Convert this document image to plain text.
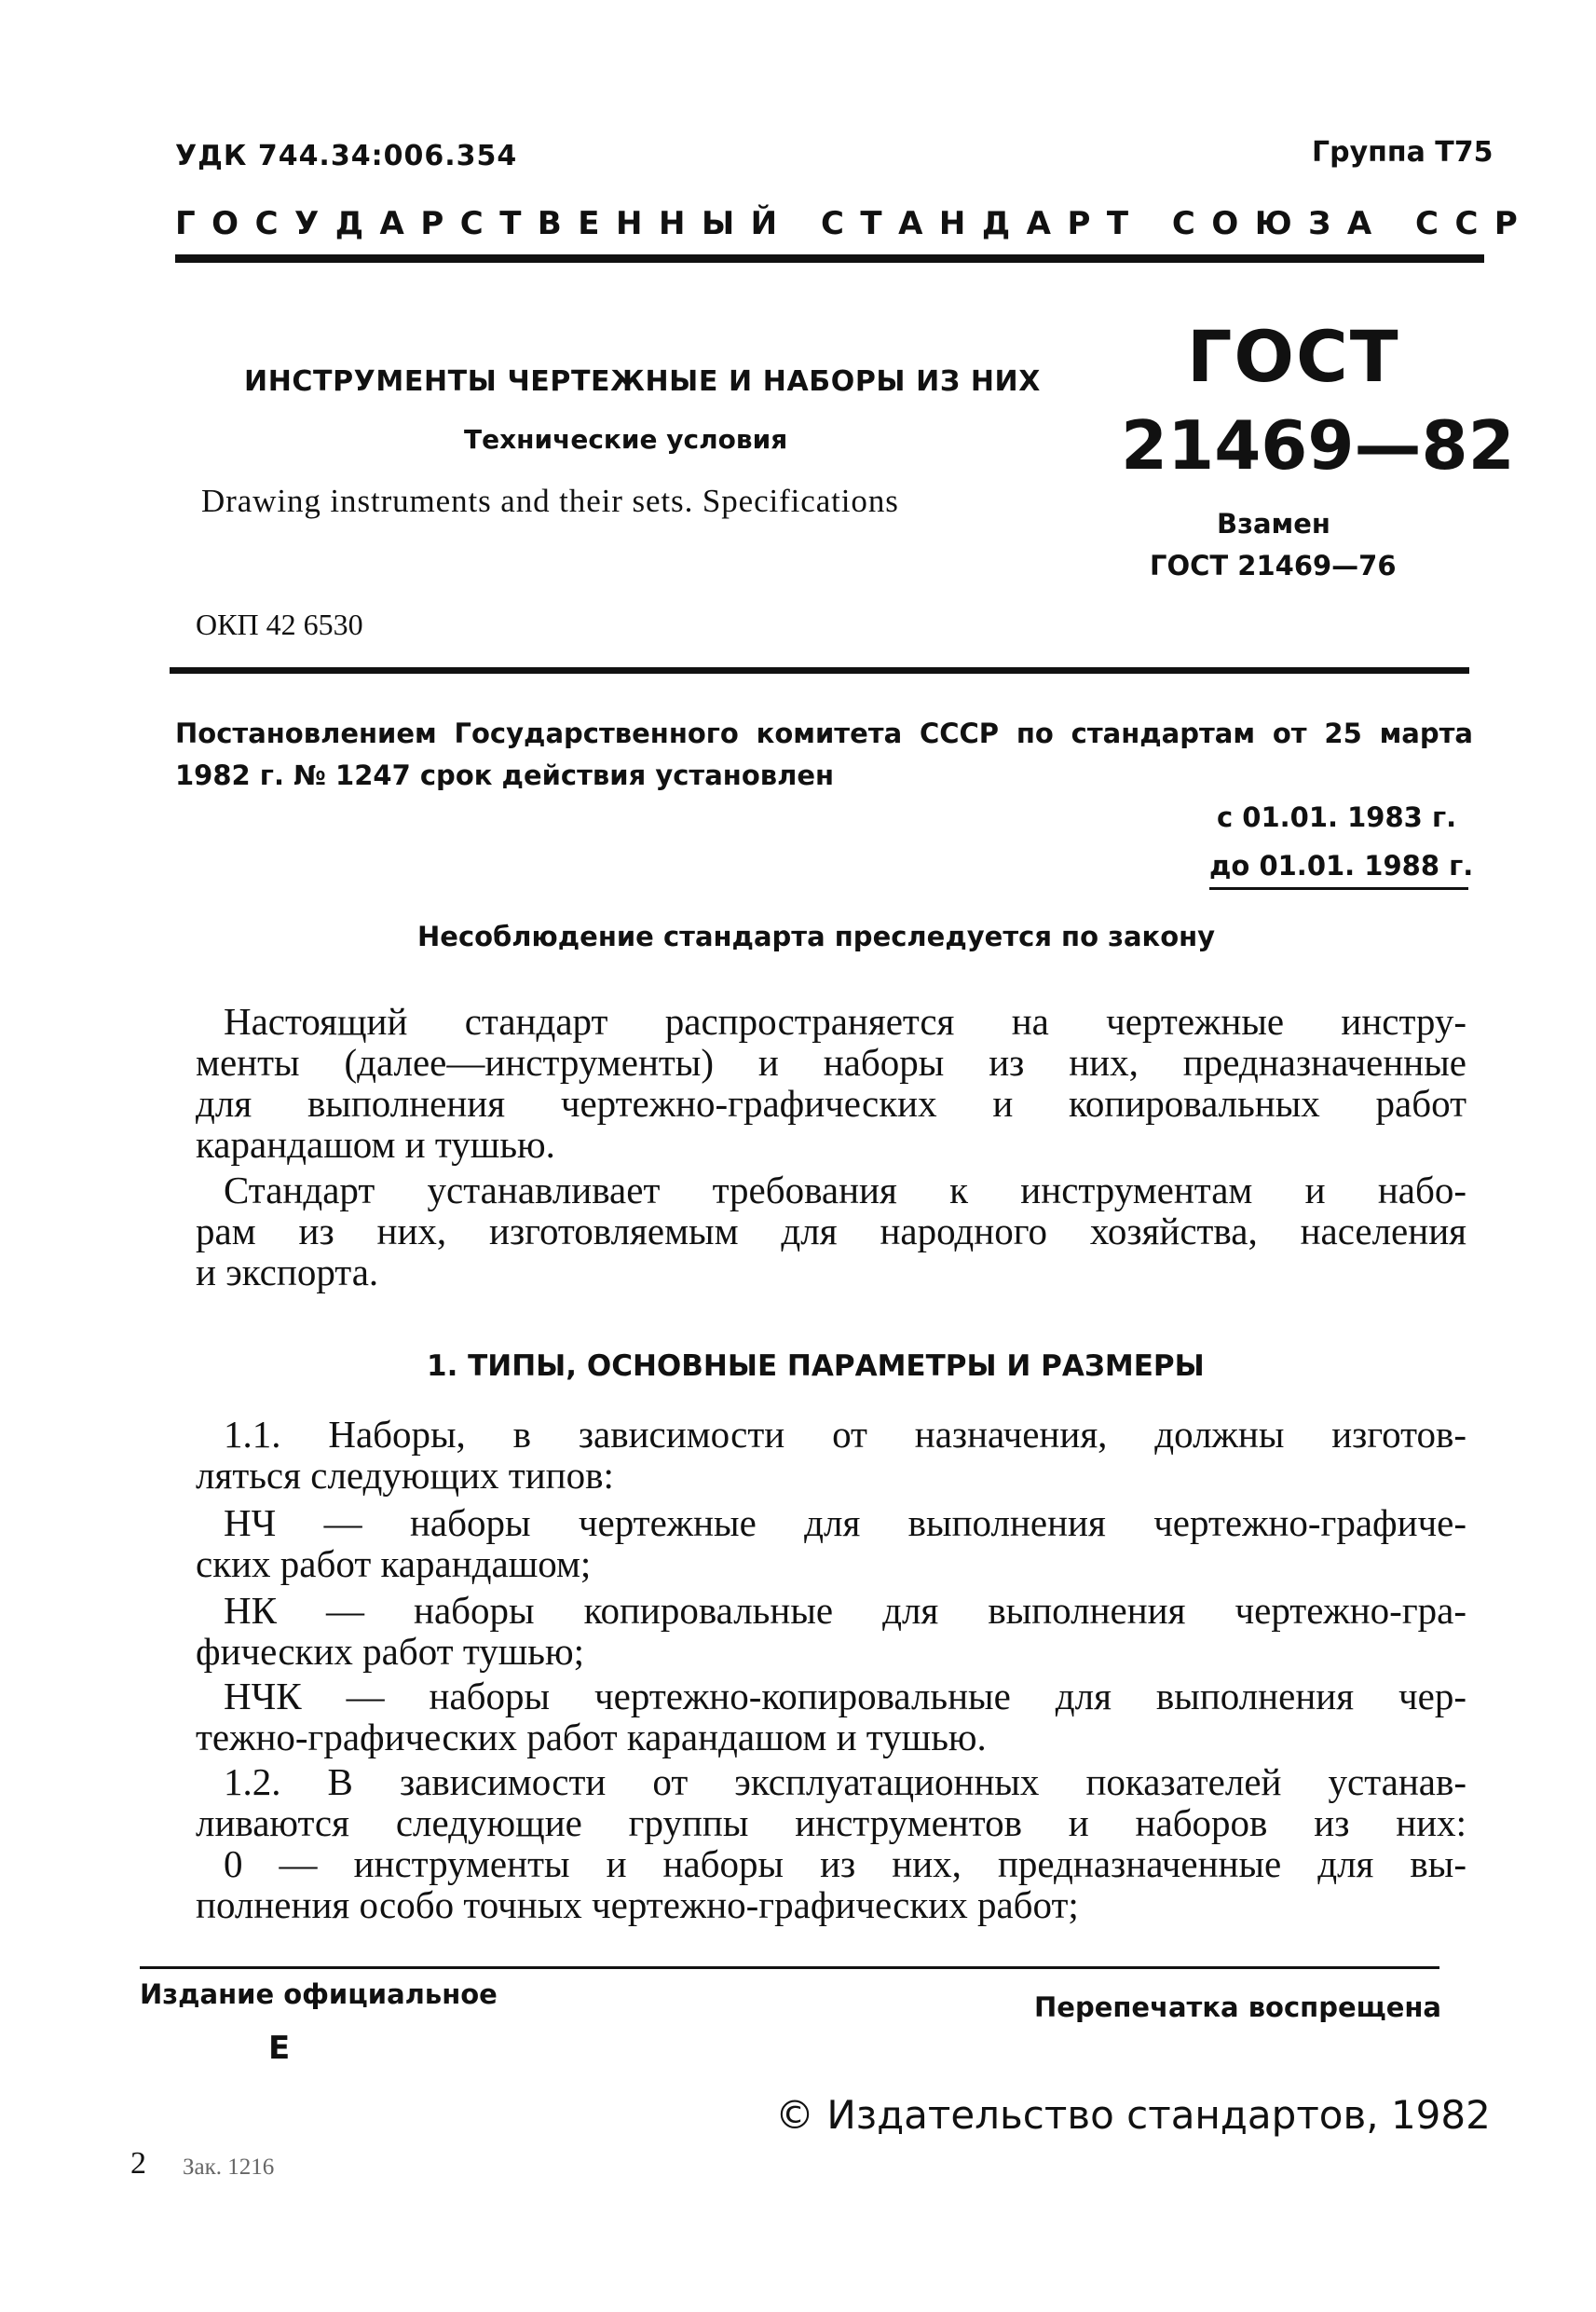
УДК 744.34:006.354	Группа Т75
ГОСУДАРСТВЕННЫЙ СТАНДАРТ СОЮЗА ССР
ИНСТРУМЕНТЫ ЧЕРТЕЖНЫЕ И НАБОРЫ ИЗ НИХ
Технические условия
Drawing instruments and their sets. Specifications
ОКП 42 6530
ГОСТ
21469—82
Взамен
ГОСТ 21469—76
Постановлением Государственного комитета СССР по стандартам от 25 марта
1982 г. № 1247 срок действия установлен
с 01.01. 1983 г.
до 01.01. 1988 г.
Несоблюдение стандарта преследуется по закону
Настоящий стандарт распространяется на чертежные инстру-
менты (далее—инструменты) и наборы из них, предназначенные
для выполнения чертежно-графических и копировальных работ
карандашом и тушью.
Стандарт устанавливает требования к инструментам и набо-
рам из них, изготовляемым для народного хозяйства, населения
и экспорта.
1. ТИПЫ, ОСНОВНЫЕ ПАРАМЕТРЫ И РАЗМЕРЫ
1.1. Наборы, в зависимости от назначения, должны изготов-
ляться следующих типов:
НЧ — наборы чертежные для выполнения чертежно-графиче-
ских работ карандашом;
НК — наборы копировальные для выполнения чертежно-гра-
фических работ тушью;
НЧК — наборы чертежно-копировальные для выполнения чер-
тежно-графических работ карандашом и тушью.
1.2. В зависимости от эксплуатационных показателей устанав-
ливаются следующие группы инструментов и наборов из них:
0 — инструменты и наборы из них, предназначенные для вы-
полнения особо точных чертежно-графических работ;
Издание официальное	Перепечатка воспрещена
Е
© Издательство стандартов, 1982
2 Зак. 1216
